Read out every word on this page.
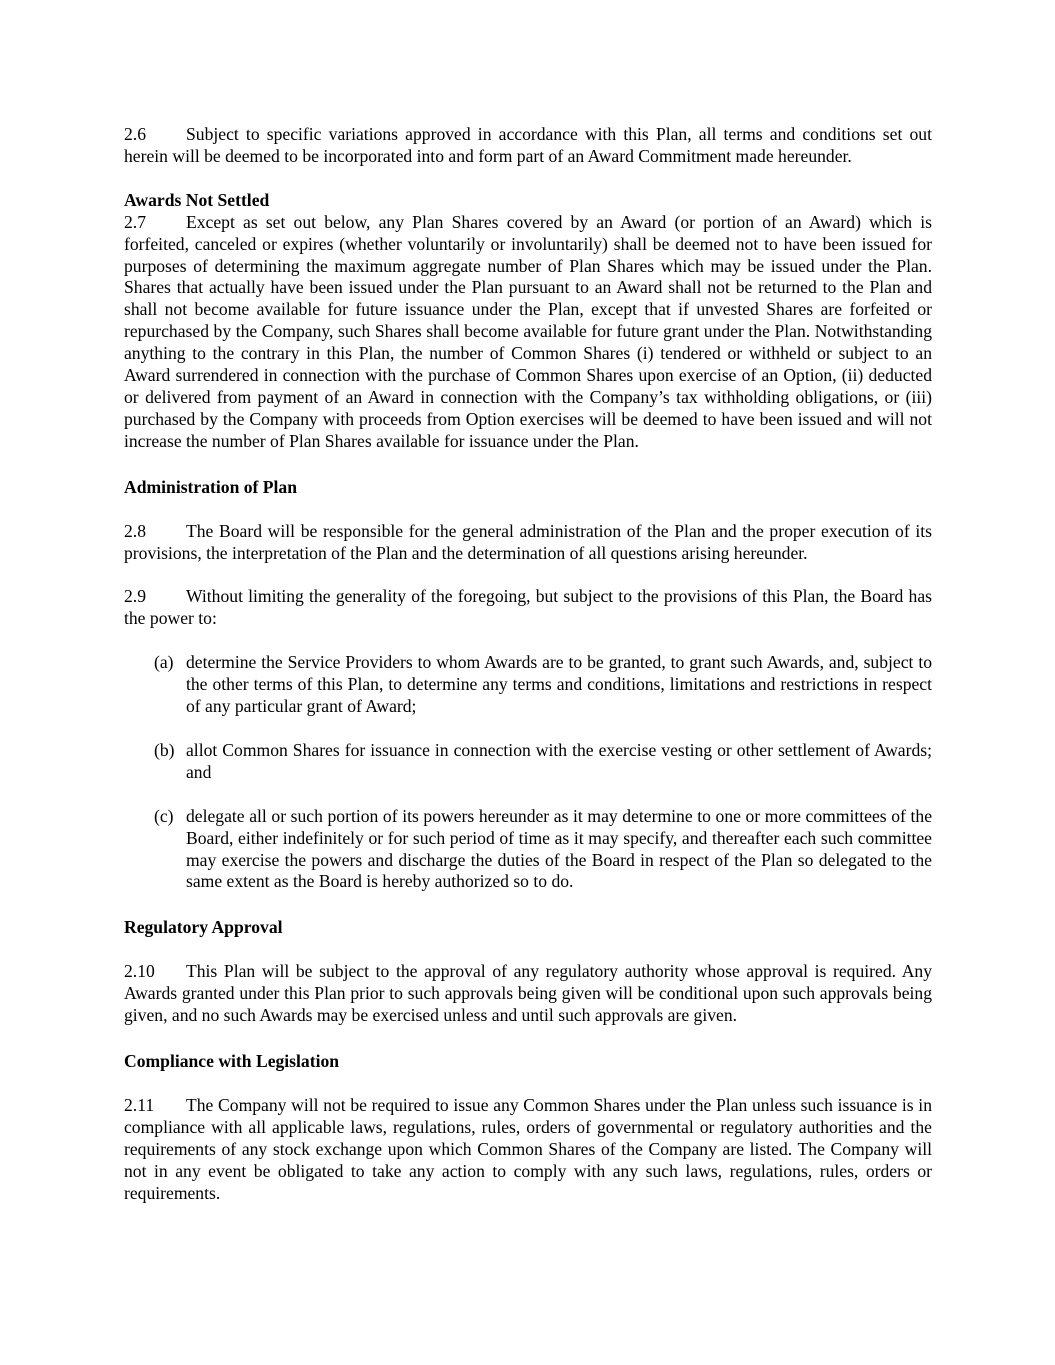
2.6 Subject to specific variations approved in accordance with this Plan, all terms and conditions set out herein will be deemed to be incorporated into and form part of an Award Commitment made hereunder.

Awards Not Settled

2.7 Except as set out below, any Plan Shares covered by an Award (or portion of an Award) which is forfeited, canceled or expires (whether voluntarily or involuntarily) shall be deemed not to have been issued for purposes of determining the maximum aggregate number of Plan Shares which may be issued under the Plan. Shares that actually have been issued under the Plan pursuant to an Award shall not be returned to the Plan and shall not become available for future issuance under the Plan, except that if unvested Shares are forfeited or repurchased by the Company, such Shares shall become available for future grant under the Plan. Notwithstanding anything to the contrary in this Plan, the number of Common Shares (i) tendered or withheld or subject to an Award surrendered in connection with the purchase of Common Shares upon exercise of an Option, (ii) deducted or delivered from payment of an Award in connection with the Company’s tax withholding obligations, or (iii) purchased by the Company with proceeds from Option exercises will be deemed to have been issued and will not increase the number of Plan Shares available for issuance under the Plan.

Administration of Plan

2.8 The Board will be responsible for the general administration of the Plan and the proper execution of its provisions, the interpretation of the Plan and the determination of all questions arising hereunder.

2.9 Without limiting the generality of the foregoing, but subject to the provisions of this Plan, the Board has the power to:

(a) determine the Service Providers to whom Awards are to be granted, to grant such Awards, and, subject to the other terms of this Plan, to determine any terms and conditions, limitations and restrictions in respect of any particular grant of Award;
(b) allot Common Shares for issuance in connection with the exercise vesting or other settlement of Awards; and
(c) delegate all or such portion of its powers hereunder as it may determine to one or more committees of the Board, either indefinitely or for such period of time as it may specify, and thereafter each such committee may exercise the powers and discharge the duties of the Board in respect of the Plan so delegated to the same extent as the Board is hereby authorized so to do.

Regulatory Approval

2.10 This Plan will be subject to the approval of any regulatory authority whose approval is required. Any Awards granted under this Plan prior to such approvals being given will be conditional upon such approvals being given, and no such Awards may be exercised unless and until such approvals are given.

Compliance with Legislation

2.11 The Company will not be required to issue any Common Shares under the Plan unless such issuance is in compliance with all applicable laws, regulations, rules, orders of governmental or regulatory authorities and the requirements of any stock exchange upon which Common Shares of the Company are listed. The Company will not in any event be obligated to take any action to comply with any such laws, regulations, rules, orders or requirements.
